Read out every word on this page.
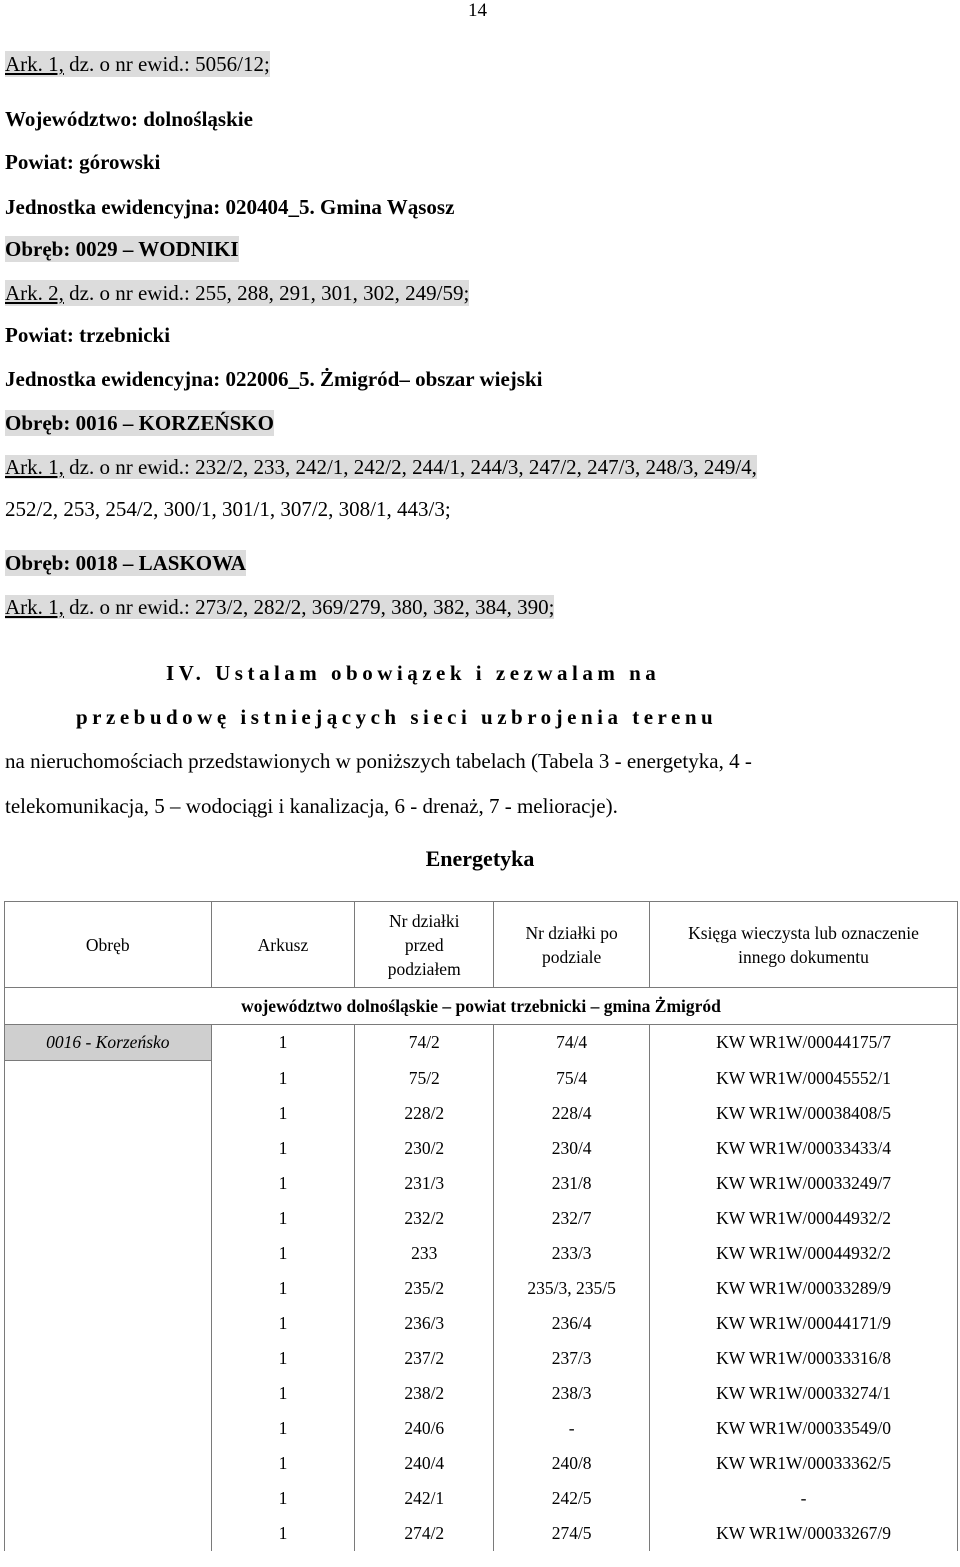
14
Ark. 1, dz. o nr ewid.: 5056/12;
Województwo: dolnośląskie
Powiat: górowski
Jednostka ewidencyjna: 020404_5. Gmina Wąsosz
Obręb: 0029 – WODNIKI
Ark. 2, dz. o nr ewid.: 255, 288, 291, 301, 302, 249/59;
Powiat: trzebnicki
Jednostka ewidencyjna: 022006_5. Żmigród– obszar wiejski
Obręb: 0016 – KORZEŃSKO
Ark. 1, dz. o nr ewid.: 232/2, 233, 242/1, 242/2, 244/1, 244/3, 247/2, 247/3, 248/3, 249/4,
252/2, 253, 254/2, 300/1, 301/1, 307/2, 308/1, 443/3;
Obręb: 0018 – LASKOWA
Ark. 1, dz. o nr ewid.: 273/2, 282/2, 369/279, 380, 382, 384, 390;
IV. Ustalam obowiązek i zezwalam na
przebudowę istniejących sieci uzbrojenia terenu
na nieruchomościach przedstawionych w poniższych tabelach (Tabela 3 - energetyka, 4 -
telekomunikacja, 5 – wodociągi i kanalizacja, 6 - drenaż, 7 - melioracje).
Energetyka
Obręb	Arkusz	Nr działki przed podziałem	Nr działki po podziale	Księga wieczysta lub oznaczenie innego dokumentu

województwo dolnośląskie – powiat trzebnicki – gmina Żmigród				
0016 - Korzeńsko	1	74/2	74/4	KW WR1W/00044175/7
	1	75/2	75/4	KW WR1W/00045552/1
	1	228/2	228/4	KW WR1W/00038408/5
	1	230/2	230/4	KW WR1W/00033433/4
	1	231/3	231/8	KW WR1W/00033249/7
	1	232/2	232/7	KW WR1W/00044932/2
	1	233	233/3	KW WR1W/00044932/2
	1	235/2	235/3, 235/5	KW WR1W/00033289/9
	1	236/3	236/4	KW WR1W/00044171/9
	1	237/2	237/3	KW WR1W/00033316/8
	1	238/2	238/3	KW WR1W/00033274/1
	1	240/6	-	KW WR1W/00033549/0
	1	240/4	240/8	KW WR1W/00033362/5
	1	242/1	242/5	-
	1	274/2	274/5	KW WR1W/00033267/9
